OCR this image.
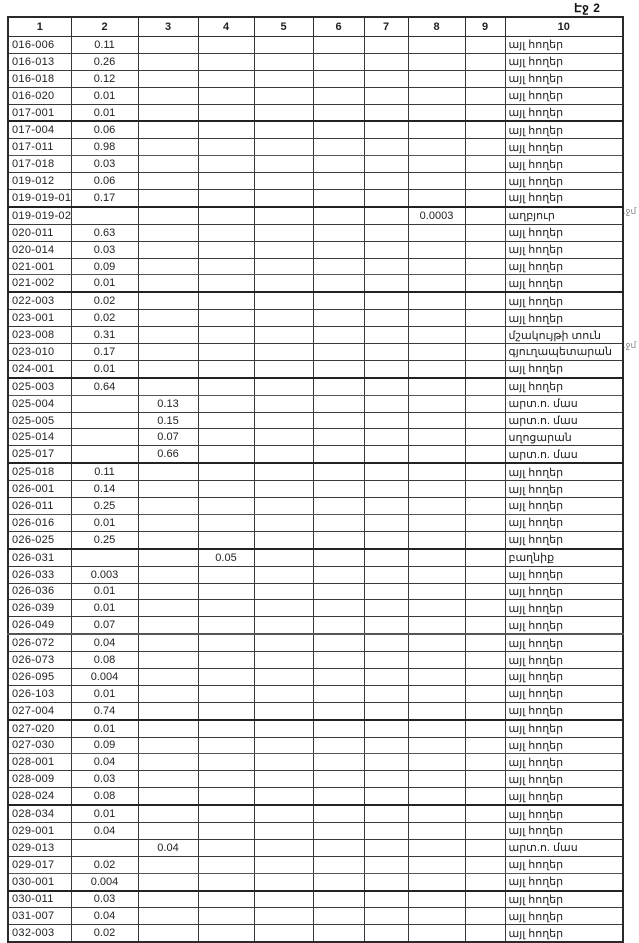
Էջ 2
1	2	3	4	5	6	7	8	9	10
016-006	0.11								այլ հողեր
016-013	0.26								այլ հողեր
016-018	0.12								այլ հողեր
016-020	0.01								այլ հողեր
017-001	0.01								այլ հողեր
017-004	0.06								այլ հողեր
017-011	0.98								այլ հողեր
017-018	0.03								այլ հողեր
019-012	0.06								այլ հողեր
019-019-01	0.17								այլ հողեր
019-019-02							0.0003		աղբյուր
020-011	0.63								այլ հողեր
020-014	0.03								այլ հողեր
021-001	0.09								այլ հողեր
021-002	0.01								այլ հողեր
022-003	0.02								այլ հողեր
023-001	0.02								այլ հողեր
023-008	0.31								մշակույթի տուն
023-010	0.17								գյուղապետարան
024-001	0.01								այլ հողեր
025-003	0.64								այլ հողեր
025-004		0.13							արտ.ո. մաս
025-005		0.15							արտ.ո. մաս
025-014		0.07							սղոցարան
025-017		0.66							արտ.ո. մաս
025-018	0.11								այլ հողեր
026-001	0.14								այլ հողեր
026-011	0.25								այլ հողեր
026-016	0.01								այլ հողեր
026-025	0.25								այլ հողեր
026-031			0.05						բաղնիք
026-033	0.003								այլ հողեր
026-036	0.01								այլ հողեր
026-039	0.01								այլ հողեր
026-049	0.07								այլ հողեր
026-072	0.04								այլ հողեր
026-073	0.08								այլ հողեր
026-095	0.004								այլ հողեր
026-103	0.01								այլ հողեր
027-004	0.74								այլ հողեր
027-020	0.01								այլ հողեր
027-030	0.09								այլ հողեր
028-001	0.04								այլ հողեր
028-009	0.03								այլ հողեր
028-024	0.08								այլ հողեր
028-034	0.01								այլ հողեր
029-001	0.04								այլ հողեր
029-013		0.04							արտ.ո. մաս
029-017	0.02								այլ հողեր
030-001	0.004								այլ հողեր
030-011	0.03								այլ հողեր
031-007	0.04								այլ հողեր
032-003	0.02								այլ հողեր
.ջմ
.ջմ
